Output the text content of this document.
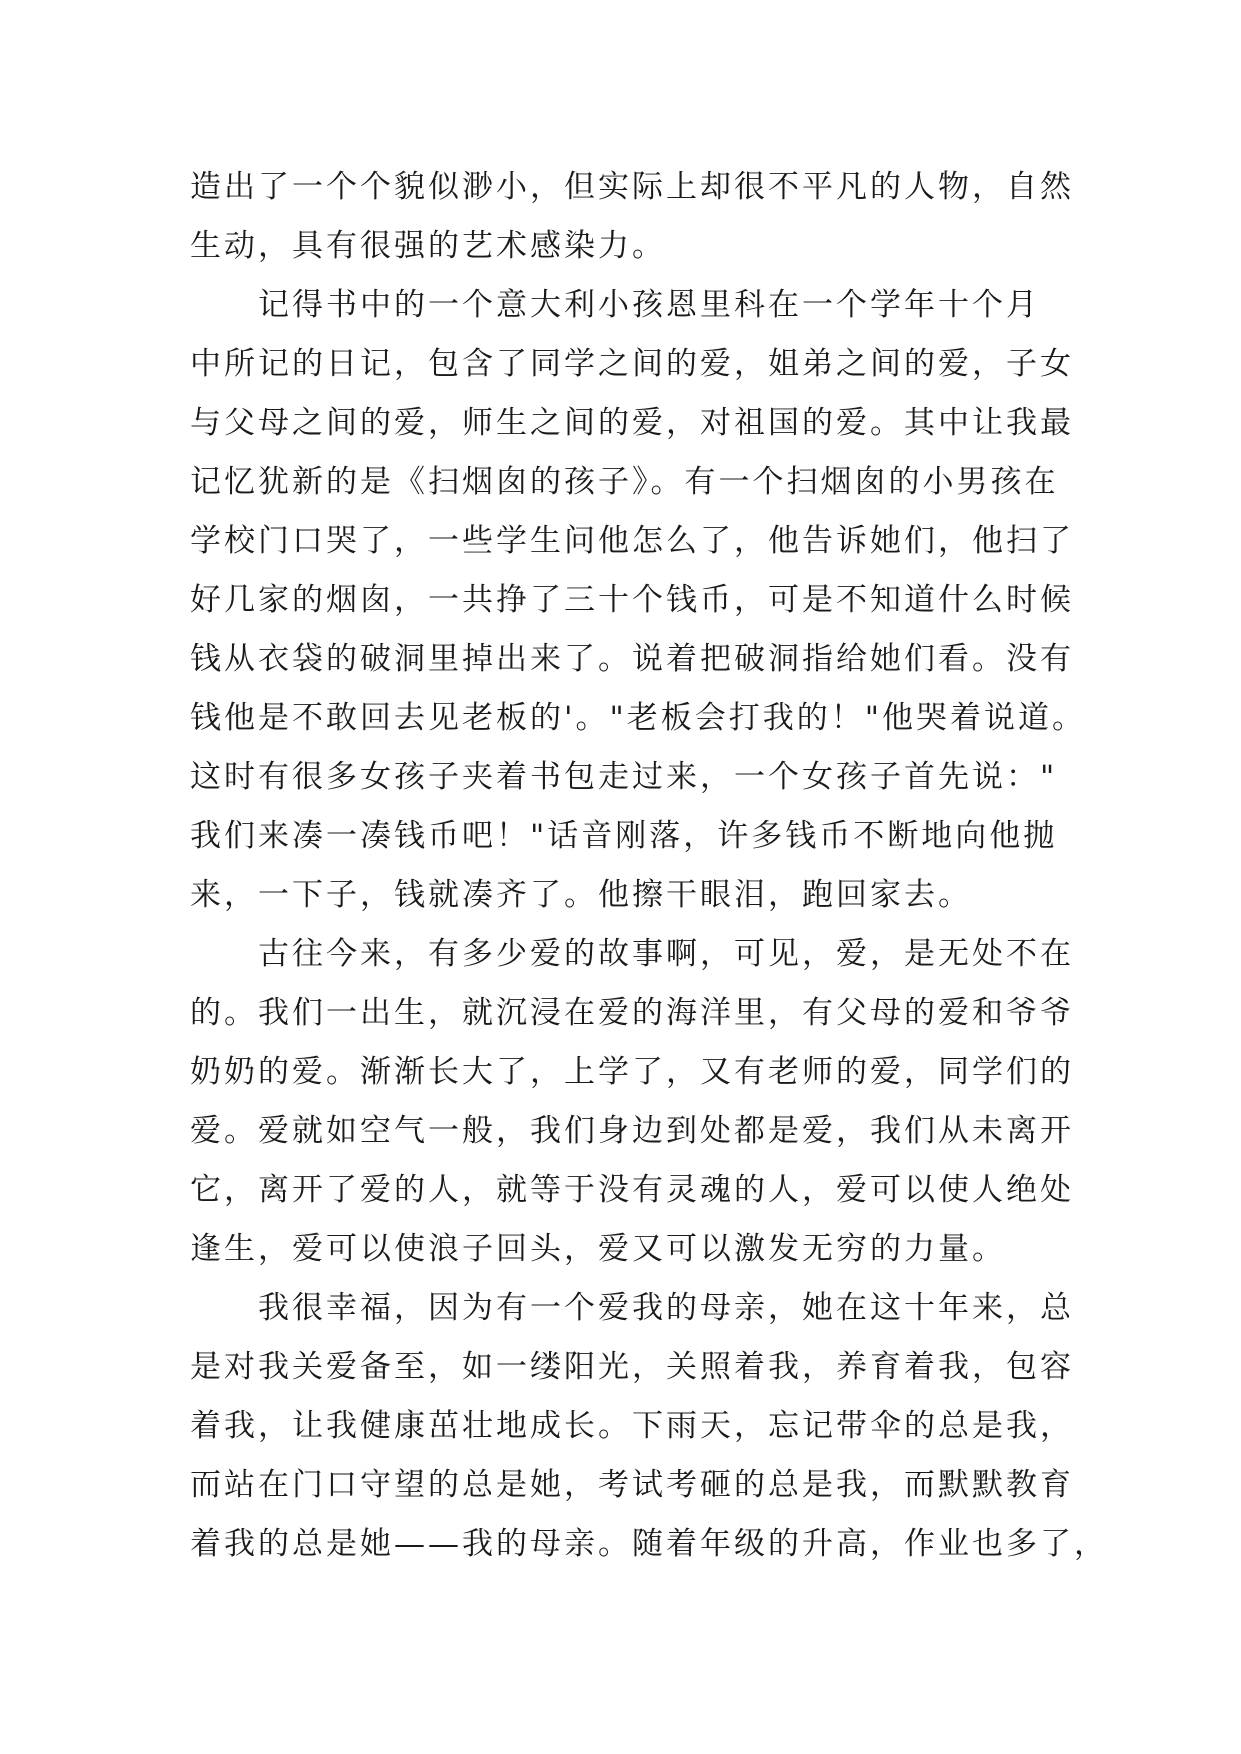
造出了一个个貌似渺小，但实际上却很不平凡的人物，自然
生动，具有很强的艺术感染力。
　　记得书中的一个意大利小孩恩里科在一个学年十个月
中所记的日记，包含了同学之间的爱，姐弟之间的爱，子女
与父母之间的爱，师生之间的爱，对祖国的爱。其中让我最
记忆犹新的是《扫烟囱的孩子》。有一个扫烟囱的小男孩在
学校门口哭了，一些学生问他怎么了，他告诉她们，他扫了
好几家的烟囱，一共挣了三十个钱币，可是不知道什么时候
钱从衣袋的破洞里掉出来了。说着把破洞指给她们看。没有
钱他是不敢回去见老板的'。"老板会打我的！"他哭着说道。
这时有很多女孩子夹着书包走过来，一个女孩子首先说："
我们来凑一凑钱币吧！"话音刚落，许多钱币不断地向他抛
来，一下子，钱就凑齐了。他擦干眼泪，跑回家去。
　　古往今来，有多少爱的故事啊，可见，爱，是无处不在
的。我们一出生，就沉浸在爱的海洋里，有父母的爱和爷爷
奶奶的爱。渐渐长大了，上学了，又有老师的爱，同学们的
爱。爱就如空气一般，我们身边到处都是爱，我们从未离开
它，离开了爱的人，就等于没有灵魂的人，爱可以使人绝处
逢生，爱可以使浪子回头，爱又可以激发无穷的力量。
　　我很幸福，因为有一个爱我的母亲，她在这十年来，总
是对我关爱备至，如一缕阳光，关照着我，养育着我，包容
着我，让我健康茁壮地成长。下雨天，忘记带伞的总是我，
而站在门口守望的总是她，考试考砸的总是我，而默默教育
着我的总是她——我的母亲。随着年级的升高，作业也多了，
